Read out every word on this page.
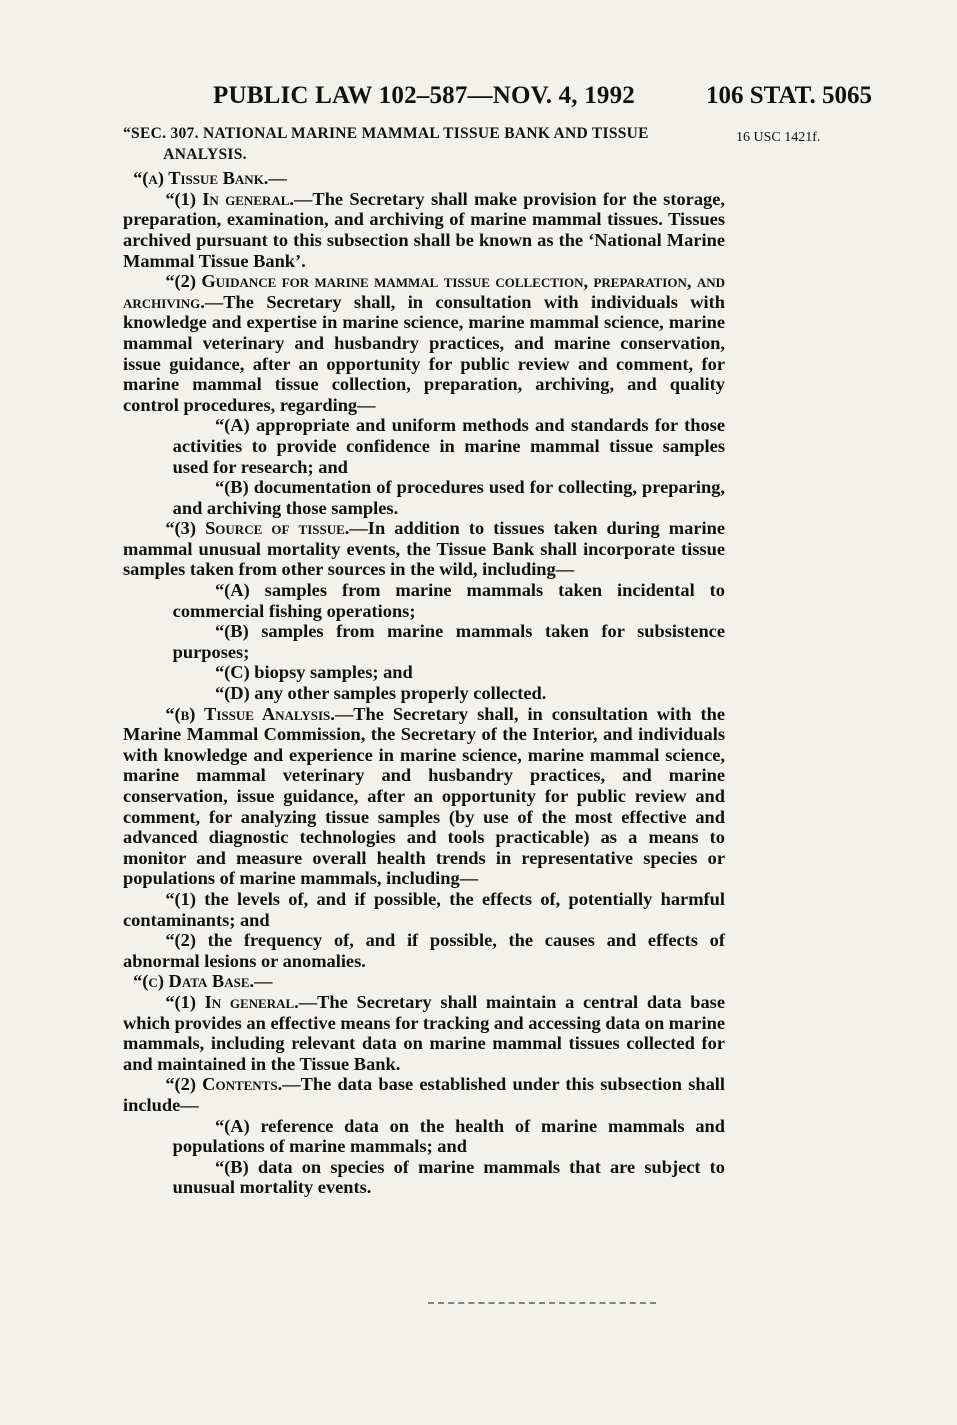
PUBLIC LAW 102–587—NOV. 4, 1992	106 STAT. 5065
16 USC 1421f.

“SEC. 307. NATIONAL MARINE MAMMAL TISSUE BANK AND TISSUE ANALYSIS.

“(a) Tissue Bank.—

“(1) In general.—The Secretary shall make provision for the storage, preparation, examination, and archiving of marine mammal tissues. Tissues archived pursuant to this subsection shall be known as the ‘National Marine Mammal Tissue Bank’.

“(2) Guidance for marine mammal tissue collection, preparation, and archiving.—The Secretary shall, in consultation with individuals with knowledge and expertise in marine science, marine mammal science, marine mammal veterinary and husbandry practices, and marine conservation, issue guidance, after an opportunity for public review and comment, for marine mammal tissue collection, preparation, archiving, and quality control procedures, regarding—

“(A) appropriate and uniform methods and standards for those activities to provide confidence in marine mammal tissue samples used for research; and

“(B) documentation of procedures used for collecting, preparing, and archiving those samples.

“(3) Source of tissue.—In addition to tissues taken during marine mammal unusual mortality events, the Tissue Bank shall incorporate tissue samples taken from other sources in the wild, including—

“(A) samples from marine mammals taken incidental to commercial fishing operations;

“(B) samples from marine mammals taken for subsistence purposes;

“(C) biopsy samples; and

“(D) any other samples properly collected.

“(b) Tissue Analysis.—The Secretary shall, in consultation with the Marine Mammal Commission, the Secretary of the Interior, and individuals with knowledge and experience in marine science, marine mammal science, marine mammal veterinary and husbandry practices, and marine conservation, issue guidance, after an opportunity for public review and comment, for analyzing tissue samples (by use of the most effective and advanced diagnostic technologies and tools practicable) as a means to monitor and measure overall health trends in representative species or populations of marine mammals, including—

“(1) the levels of, and if possible, the effects of, potentially harmful contaminants; and

“(2) the frequency of, and if possible, the causes and effects of abnormal lesions or anomalies.

“(c) Data Base.—

“(1) In general.—The Secretary shall maintain a central data base which provides an effective means for tracking and accessing data on marine mammals, including relevant data on marine mammal tissues collected for and maintained in the Tissue Bank.

“(2) Contents.—The data base established under this subsection shall include—

“(A) reference data on the health of marine mammals and populations of marine mammals; and

“(B) data on species of marine mammals that are subject to unusual mortality events.
